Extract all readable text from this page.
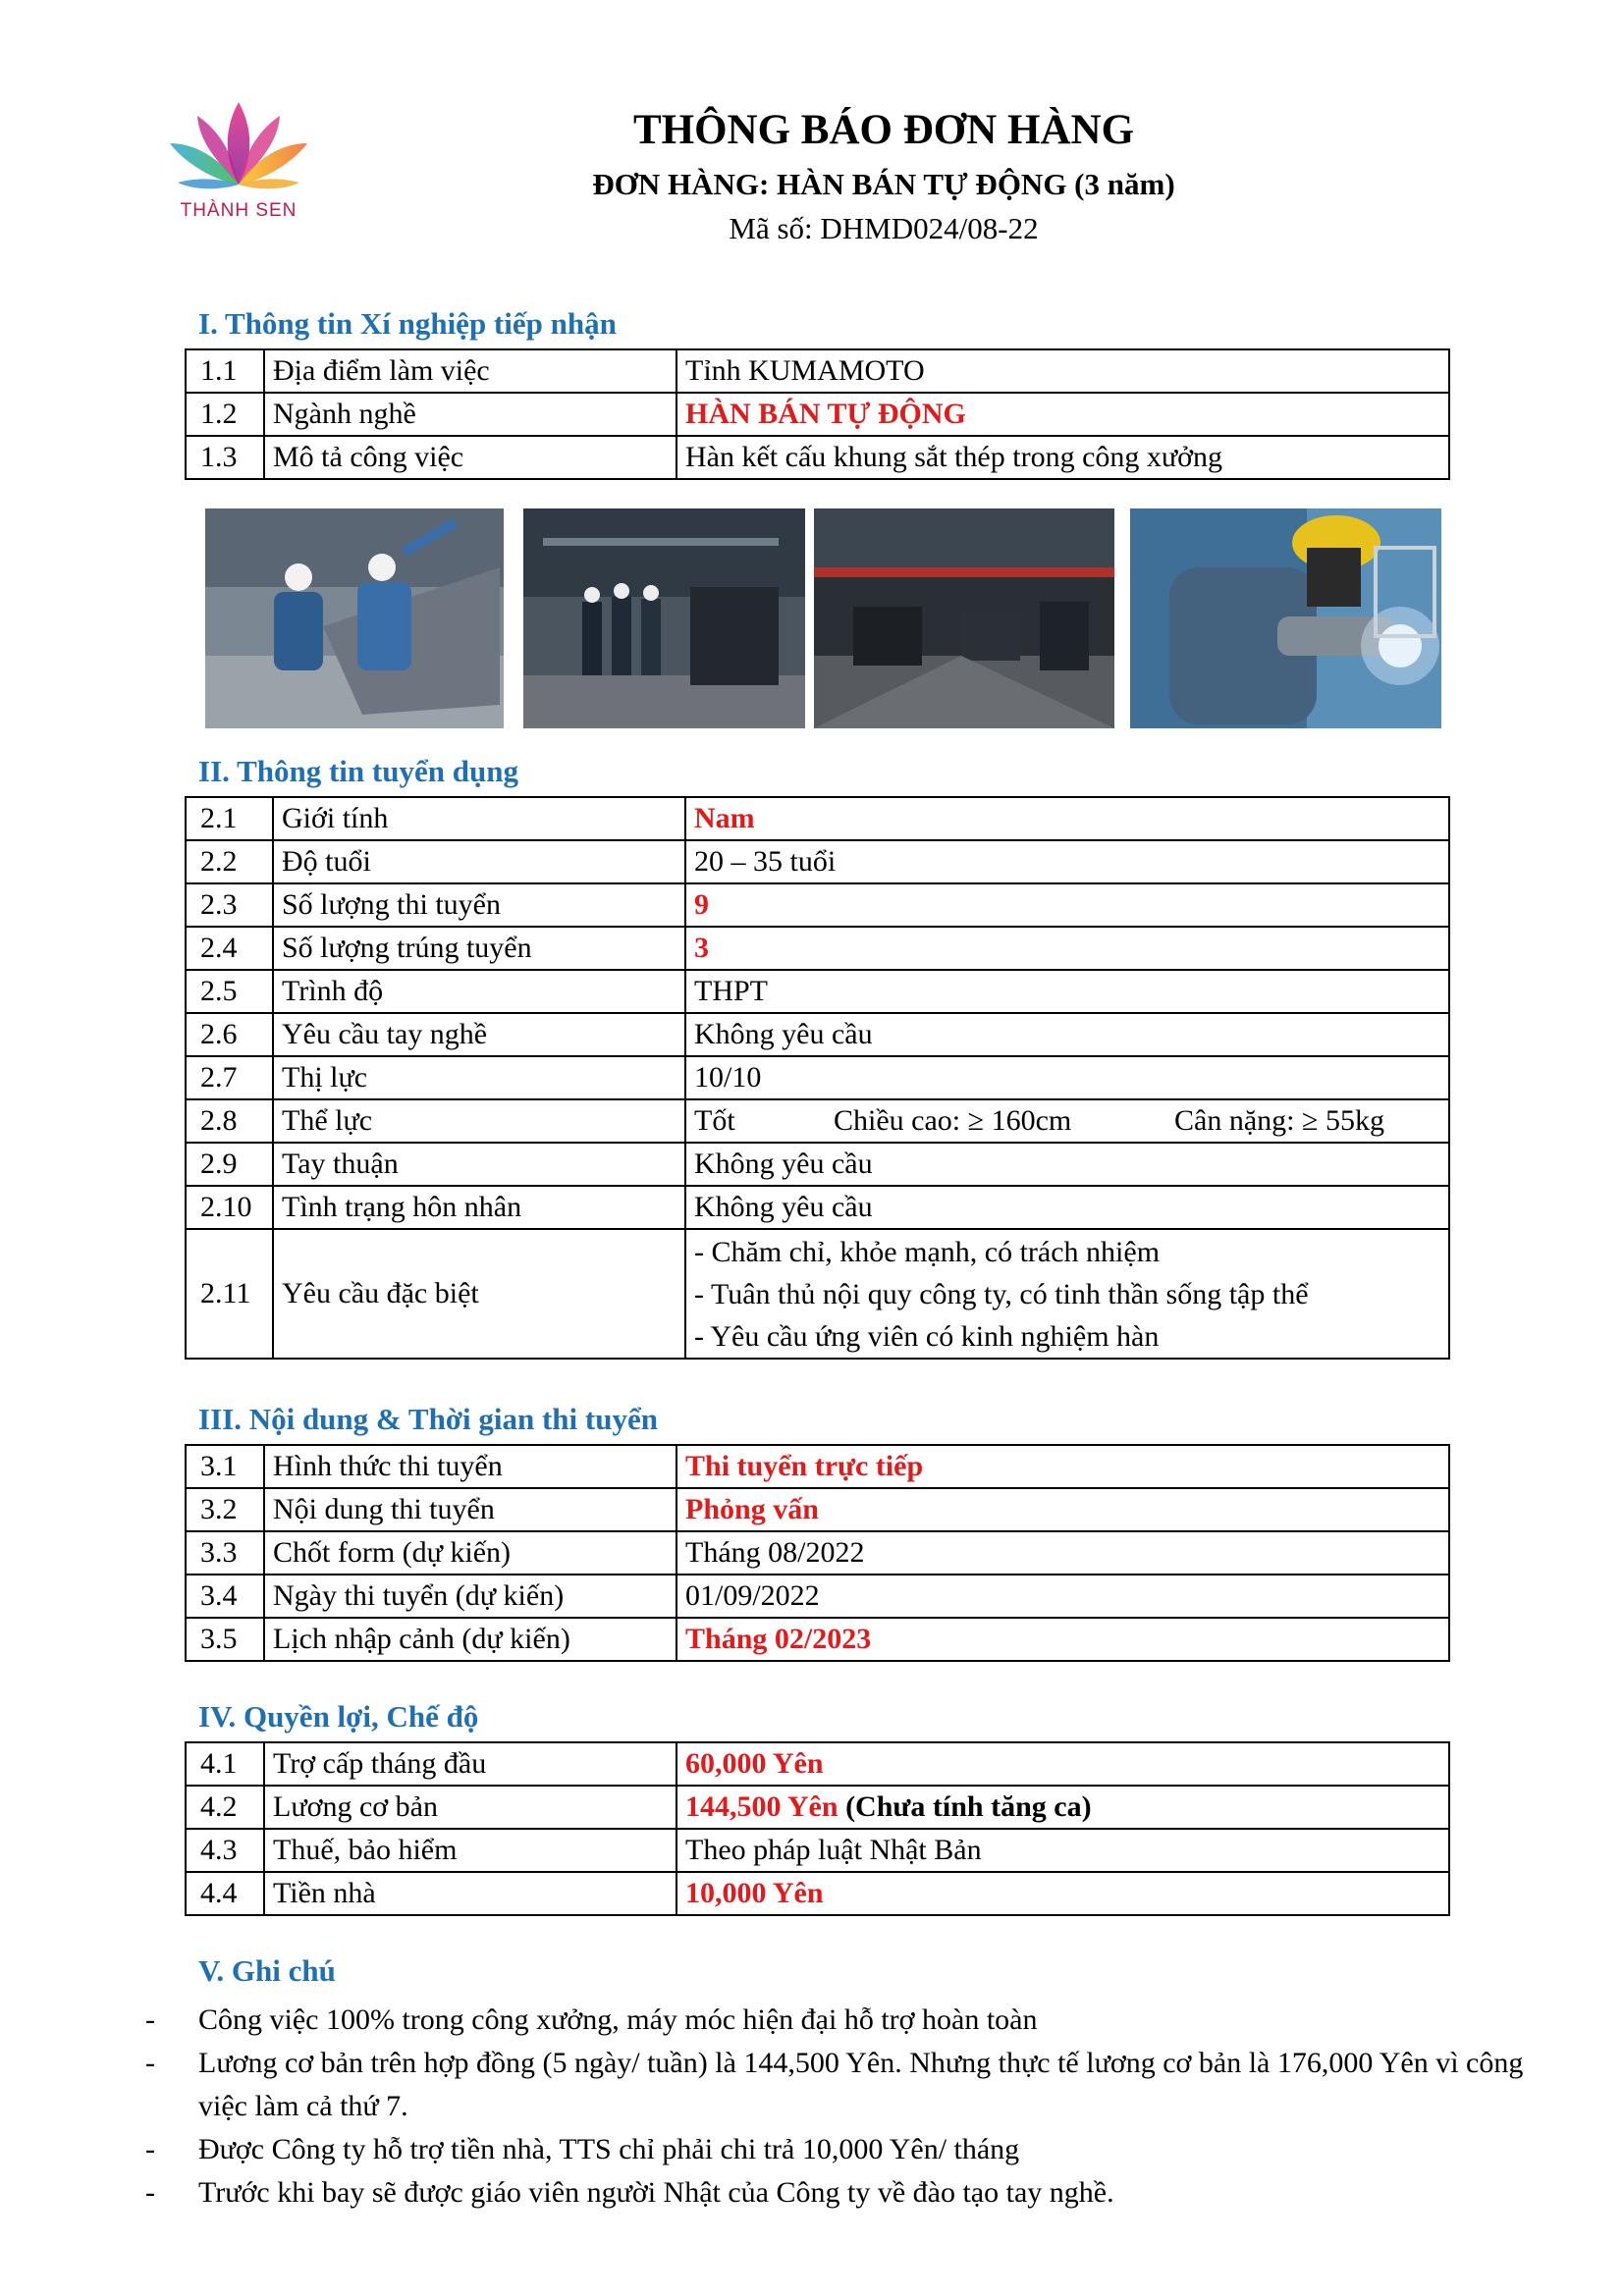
THÀNH SEN
THÔNG BÁO ĐƠN HÀNG
ĐƠN HÀNG: HÀN BÁN TỰ ĐỘNG (3 năm)
Mã số: DHMD024/08-22
I. Thông tin Xí nghiệp tiếp nhận
1.1	Địa điểm làm việc	Tỉnh KUMAMOTO
1.2	Ngành nghề	HÀN BÁN TỰ ĐỘNG
1.3	Mô tả công việc	Hàn kết cấu khung sắt thép trong công xưởng
II. Thông tin tuyển dụng
2.1	Giới tính	Nam
2.2	Độ tuổi	20 – 35 tuổi
2.3	Số lượng thi tuyển	9
2.4	Số lượng trúng tuyển	3
2.5	Trình độ	THPT
2.6	Yêu cầu tay nghề	Không yêu cầu
2.7	Thị lực	10/10
2.8	Thể lực	Tốt Chiều cao: ≥ 160cm Cân nặng: ≥ 55kg

2.9	Tay thuận	Không yêu cầu
2.10	Tình trạng hôn nhân	Không yêu cầu
2.11	Yêu cầu đặc biệt	- Chăm chỉ, khỏe mạnh, có trách nhiệm
- Tuân thủ nội quy công ty, có tinh thần sống tập thể
- Yêu cầu ứng viên có kinh nghiệm hàn
III. Nội dung & Thời gian thi tuyển
3.1	Hình thức thi tuyển	Thi tuyển trực tiếp
3.2	Nội dung thi tuyển	Phỏng vấn
3.3	Chốt form (dự kiến)	Tháng 08/2022
3.4	Ngày thi tuyển (dự kiến)	01/09/2022
3.5	Lịch nhập cảnh (dự kiến)	Tháng 02/2023
IV. Quyền lợi, Chế độ
4.1	Trợ cấp tháng đầu	60,000 Yên
4.2	Lương cơ bản	144,500 Yên (Chưa tính tăng ca)
4.3	Thuế, bảo hiểm	Theo pháp luật Nhật Bản
4.4	Tiền nhà	10,000 Yên
V. Ghi chú
- Công việc 100% trong công xưởng, máy móc hiện đại hỗ trợ hoàn toàn
- Lương cơ bản trên hợp đồng (5 ngày/ tuần) là 144,500 Yên. Nhưng thực tế lương cơ bản là 176,000 Yên vì công việc làm cả thứ 7.
- Được Công ty hỗ trợ tiền nhà, TTS chỉ phải chi trả 10,000 Yên/ tháng
- Trước khi bay sẽ được giáo viên người Nhật của Công ty về đào tạo tay nghề.
